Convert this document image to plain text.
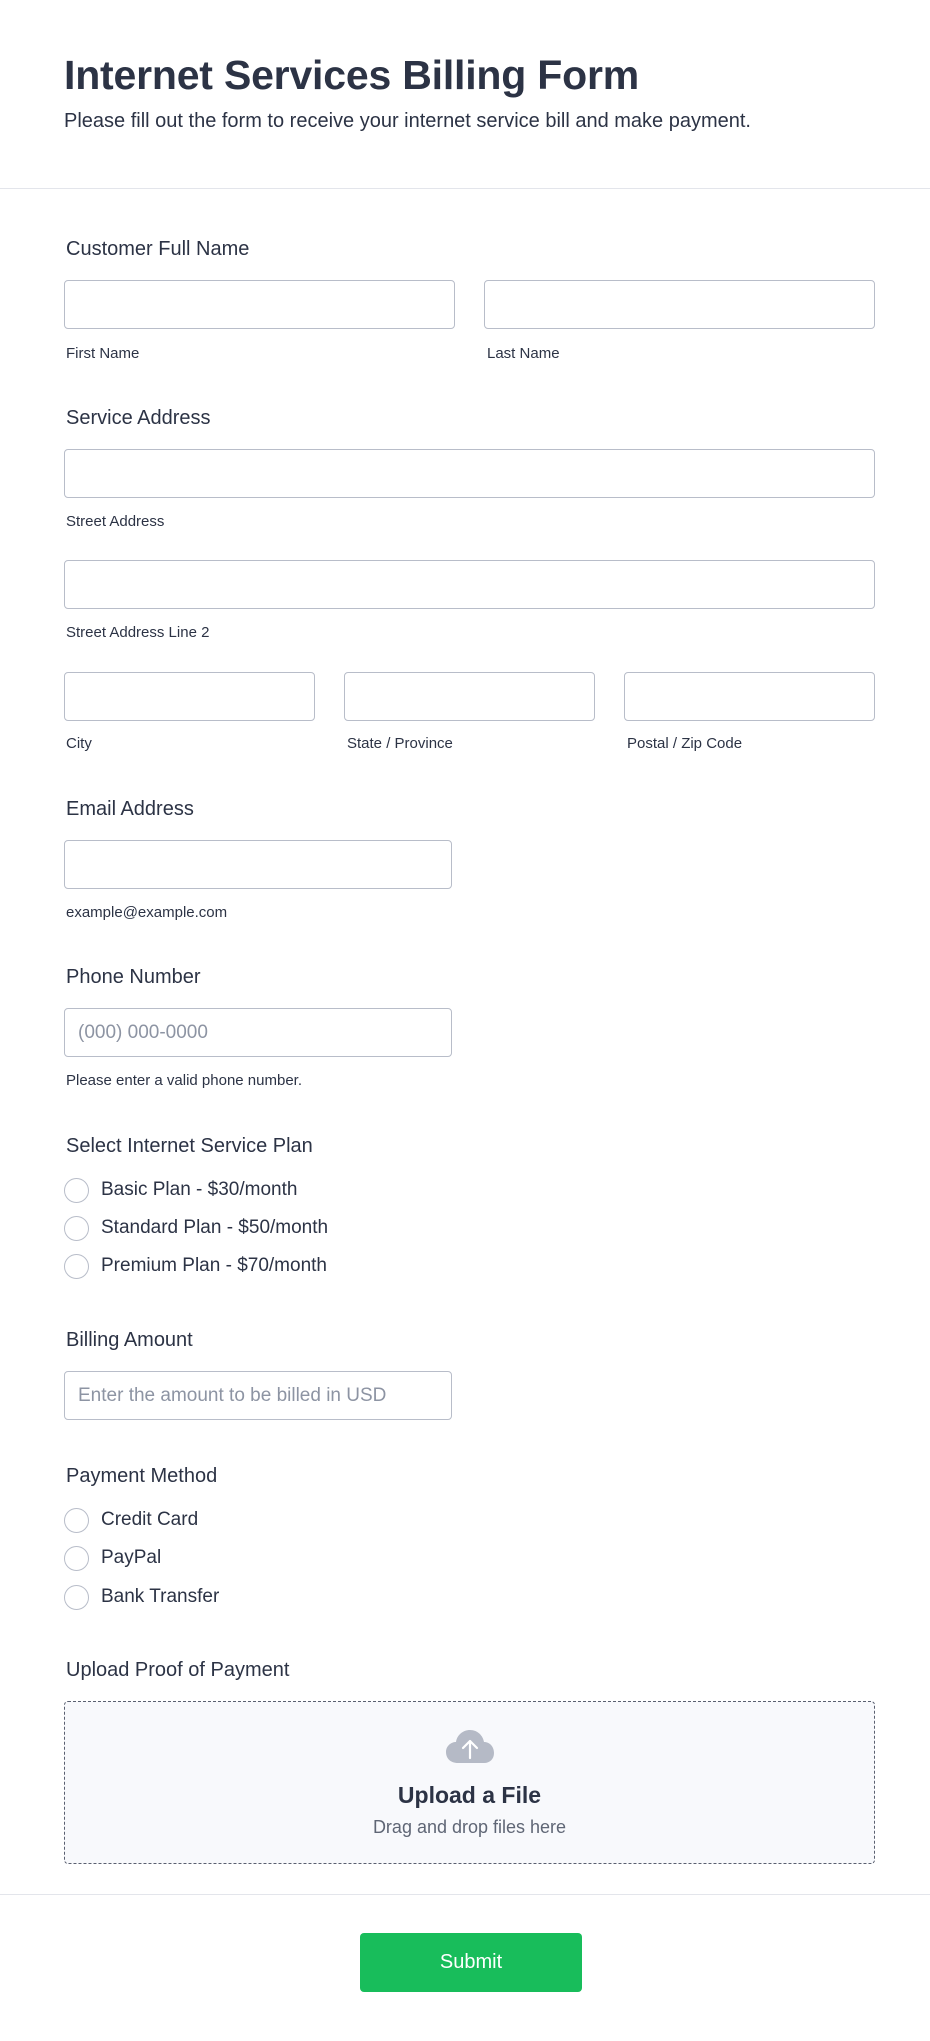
Internet Services Billing Form
Please fill out the form to receive your internet service bill and make payment.
Customer Full Name
First Name	Last Name
Service Address
Street Address
Street Address Line 2
City	State / Province	Postal / Zip Code
Email Address
example@example.com
Phone Number
(000) 000-0000
Please enter a valid phone number.
Select Internet Service Plan
Basic Plan - $30/month
Standard Plan - $50/month
Premium Plan - $70/month
Billing Amount
Enter the amount to be billed in USD
Payment Method
Credit Card
PayPal
Bank Transfer
Upload Proof of Payment
Upload a File
Drag and drop files here
Submit
